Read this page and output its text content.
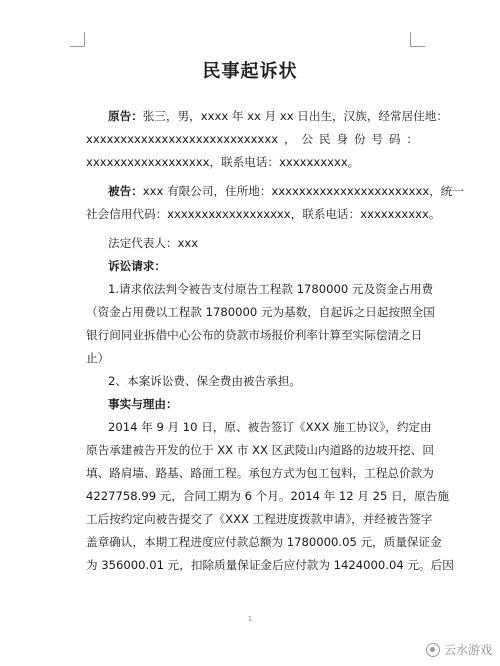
民事起诉状

原告：张三，男，xxxx 年 xx 月 xx 日出生，汉族，经常居住地：
xxxxxxxxxxxxxxxxxxxxxxxxxxxx ， 公 民 身 份 号 码 ：
xxxxxxxxxxxxxxxxxx，联系电话：xxxxxxxxxx。

被告：xxx 有限公司，住所地：xxxxxxxxxxxxxxxxxxxxxxx，统一
社会信用代码：xxxxxxxxxxxxxxxxxx，联系电话：xxxxxxxxxx。

法定代表人：xxx

诉讼请求：

1.请求依法判令被告支付原告工程款 1780000 元及资金占用费
（资金占用费以工程款 1780000 元为基数，自起诉之日起按照全国
银行间同业拆借中心公布的贷款市场报价利率计算至实际偿清之日
止）

2、本案诉讼费、保全费由被告承担。

事实与理由：

2014 年 9 月 10 日，原、被告签订《XXX 施工协议》，约定由
原告承建被告开发的位于 XX 市 XX 区武陵山内道路的边坡开挖、回
填、路肩墙、路基、路面工程。承包方式为包工包料，工程总价款为
4227758.99 元，合同工期为 6 个月。2014 年 12 月 25 日，原告施
工后按约定向被告提交了《XXX 工程进度拨款申请》，并经被告签字
盖章确认，本期工程进度应付款总额为 1780000.05 元，质量保证金
为 356000.01 元，扣除质量保证金后应付款为 1424000.04 元。后因

1
云水游戏
